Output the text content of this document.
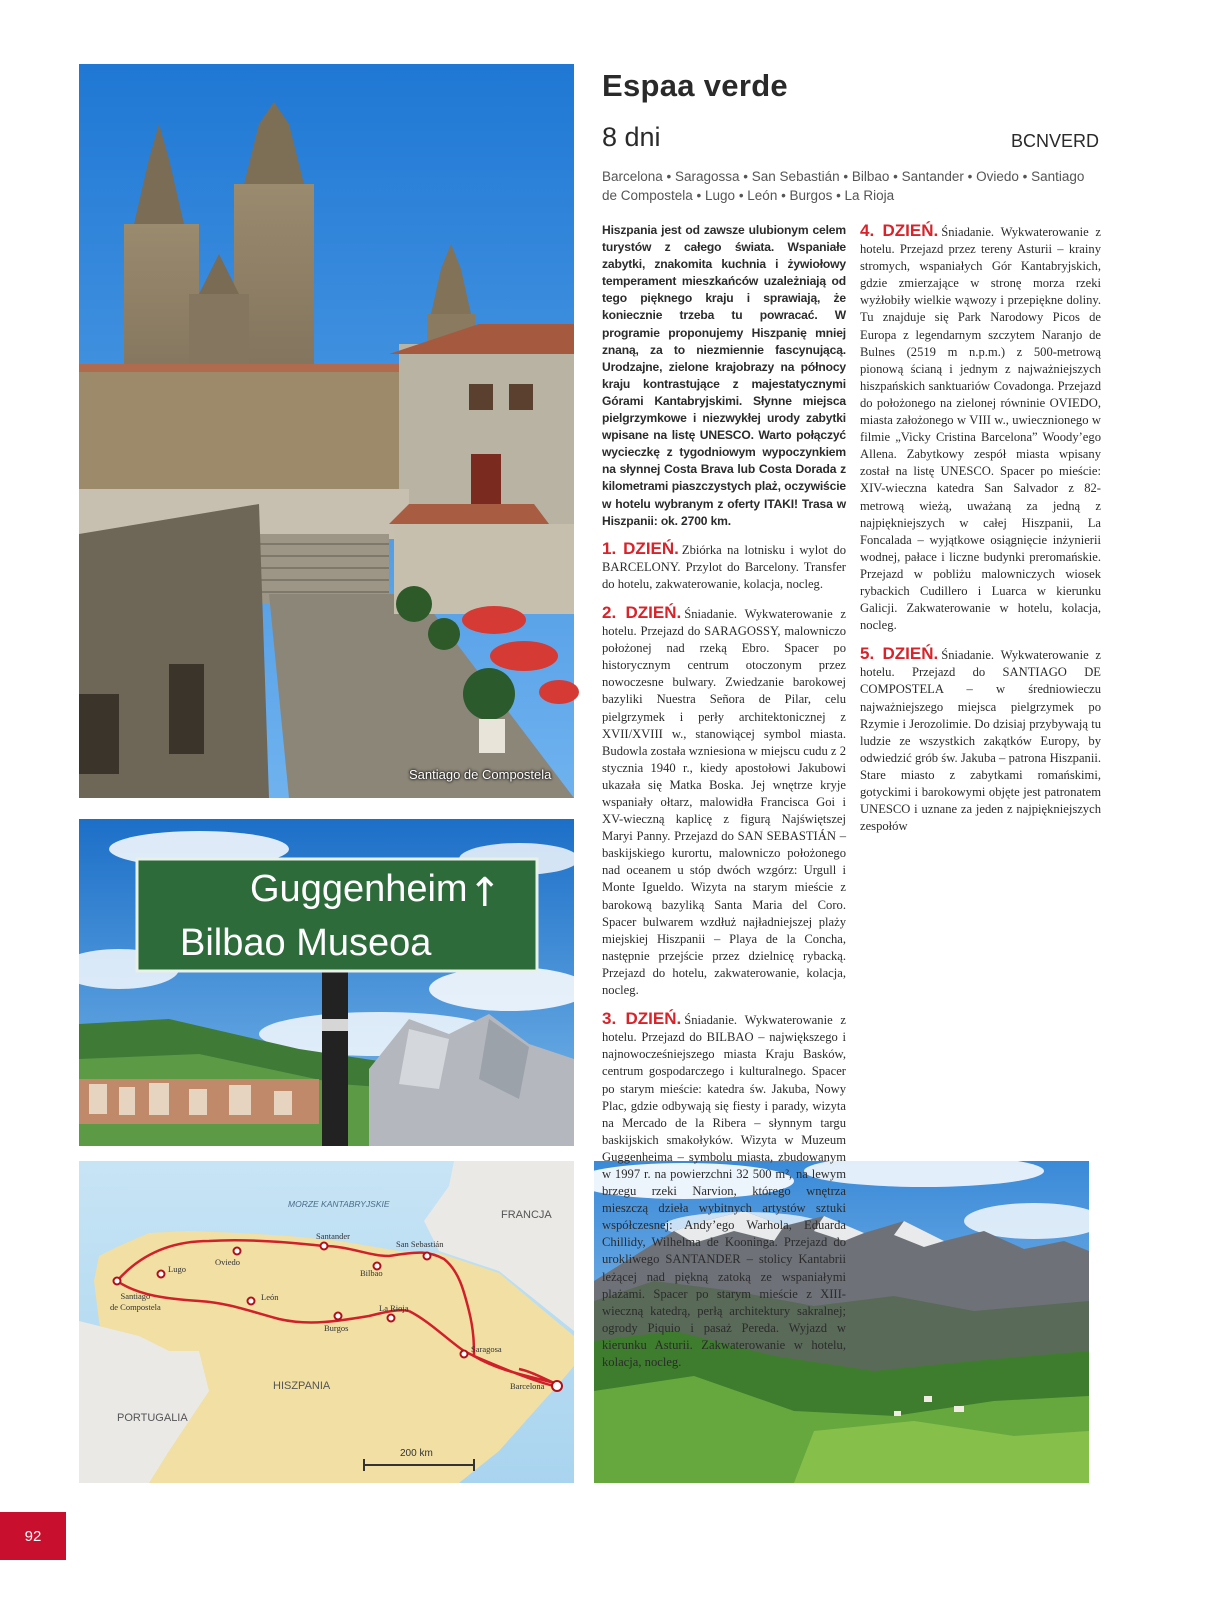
Santiago de Compostela
Guggenheim ↑
Bilbao Museoa
MORZE KANTABRYJSKIE
FRANCJA
HISZPANIA
PORTUGALIA
200 km
Santiago
de Compostela
Lugo
Oviedo
Santander
Bilbao
San Sebastián
León
Burgos
La Rioja
Saragosa
Barcelona
Espaa verde
8 dni	BCNVERD
Barcelona • Saragossa • San Sebastián • Bilbao • Santander • Oviedo • Santiago de Compostela • Lugo • León • Burgos • La Rioja

Hiszpania jest od zawsze ulubionym celem turystów z całego świata. Wspaniałe zabytki, znakomita kuchnia i żywiołowy temperament mieszkańców uzależniają od tego pięknego kraju i sprawiają, że koniecznie trzeba tu powracać. W programie proponujemy Hiszpanię mniej znaną, za to niezmiennie fascynującą. Urodzajne, zielone krajobrazy na północy kraju kontrastujące z majestatycznymi Górami Kantabryjskimi. Słynne miejsca pielgrzymkowe i niezwykłej urody zabytki wpisane na listę UNESCO. Warto połączyć wycieczkę z tygodniowym wypoczynkiem na słynnej Costa Brava lub Costa Dorada z kilometrami piaszczystych plaż, oczywiście w hotelu wybranym z oferty ITAKI! Trasa w Hiszpanii: ok. 2700 km.

1. DZIEŃ. Zbiórka na lotnisku i wylot do BARCELONY. Przylot do Barcelony. Transfer do hotelu, zakwaterowanie, kolacja, nocleg.

2. DZIEŃ. Śniadanie. Wykwaterowanie z hotelu. Przejazd do SARAGOSSY, malowniczo położonej nad rzeką Ebro. Spacer po historycznym centrum otoczonym przez nowoczesne bulwary. Zwiedzanie barokowej bazyliki Nuestra Señora de Pilar, celu pielgrzymek i perły architektonicznej z XVII/XVIII w., stanowiącej symbol miasta. Budowla została wzniesiona w miejscu cudu z 2 stycznia 1940 r., kiedy apostołowi Jakubowi ukazała się Matka Boska. Jej wnętrze kryje wspaniały ołtarz, malowidła Francisca Goi i XV-wieczną kaplicę z figurą Najświętszej Maryi Panny. Przejazd do SAN SEBASTIÁN – baskijskiego kurortu, malowniczo położonego nad oceanem u stóp dwóch wzgórz: Urgull i Monte Igueldo. Wizyta na starym mieście z barokową bazyliką Santa Maria del Coro. Spacer bulwarem wzdłuż najładniejszej plaży miejskiej Hiszpanii – Playa de la Concha, następnie przejście przez dzielnicę rybacką. Przejazd do hotelu, zakwaterowanie, kolacja, nocleg.

3. DZIEŃ. Śniadanie. Wykwaterowanie z hotelu. Przejazd do BILBAO – największego i najnowocześniejszego miasta Kraju Basków, centrum gospodarczego i kulturalnego. Spacer po starym mieście: katedra św. Jakuba, Nowy Plac, gdzie odbywają się fiesty i parady, wizyta na Mercado de la Ribera – słynnym targu baskijskich smakołyków. Wizyta w Muzeum Guggenheima – symbolu miasta, zbudowanym w 1997 r. na powierzchni 32 500 m², na lewym brzegu rzeki Narvion, którego wnętrza mieszczą dzieła wybitnych artystów sztuki współczesnej: Andy’ego Warhola, Eduarda Chillidy, Wilhelma de Kooninga. Przejazd do urokliwego SANTANDER – stolicy Kantabrii leżącej nad piękną zatoką ze wspaniałymi plażami. Spacer po starym mieście z XIII-wieczną katedrą, perłą architektury sakralnej; ogrody Piquio i pasaż Pereda. Wyjazd w kierunku Asturii. Zakwaterowanie w hotelu, kolacja, nocleg.

4. DZIEŃ. Śniadanie. Wykwaterowanie z hotelu. Przejazd przez tereny Asturii – krainy stromych, wspaniałych Gór Kantabryjskich, gdzie zmierzające w stronę morza rzeki wyżłobiły wielkie wąwozy i przepiękne doliny. Tu znajduje się Park Narodowy Picos de Europa z legendarnym szczytem Naranjo de Bulnes (2519 m n.p.m.) z 500-metrową pionową ścianą i jednym z najważniejszych hiszpańskich sanktuariów Covadonga. Przejazd do położonego na zielonej równinie OVIEDO, miasta założonego w VIII w., uwiecznionego w filmie „Vicky Cristina Barcelona” Woody’ego Allena. Zabytkowy zespół miasta wpisany został na listę UNESCO. Spacer po mieście: XIV-wieczna katedra San Salvador z 82-metrową wieżą, uważaną za jedną z najpiękniejszych w całej Hiszpanii, La Foncalada – wyjątkowe osiągnięcie inżynierii wodnej, pałace i liczne budynki preromańskie. Przejazd w pobliżu malowniczych wiosek rybackich Cudillero i Luarca w kierunku Galicji. Zakwaterowanie w hotelu, kolacja, nocleg.

5. DZIEŃ. Śniadanie. Wykwaterowanie z hotelu. Przejazd do SANTIAGO DE COMPOSTELA – w średniowieczu najważniejszego miejsca pielgrzymek po Rzymie i Jerozolimie. Do dzisiaj przybywają tu ludzie ze wszystkich zakątków Europy, by odwiedzić grób św. Jakuba – patrona Hiszpanii. Stare miasto z zabytkami romańskimi, gotyckimi i barokowymi objęte jest patronatem UNESCO i uznane za jeden z najpiękniejszych zespołów

92
